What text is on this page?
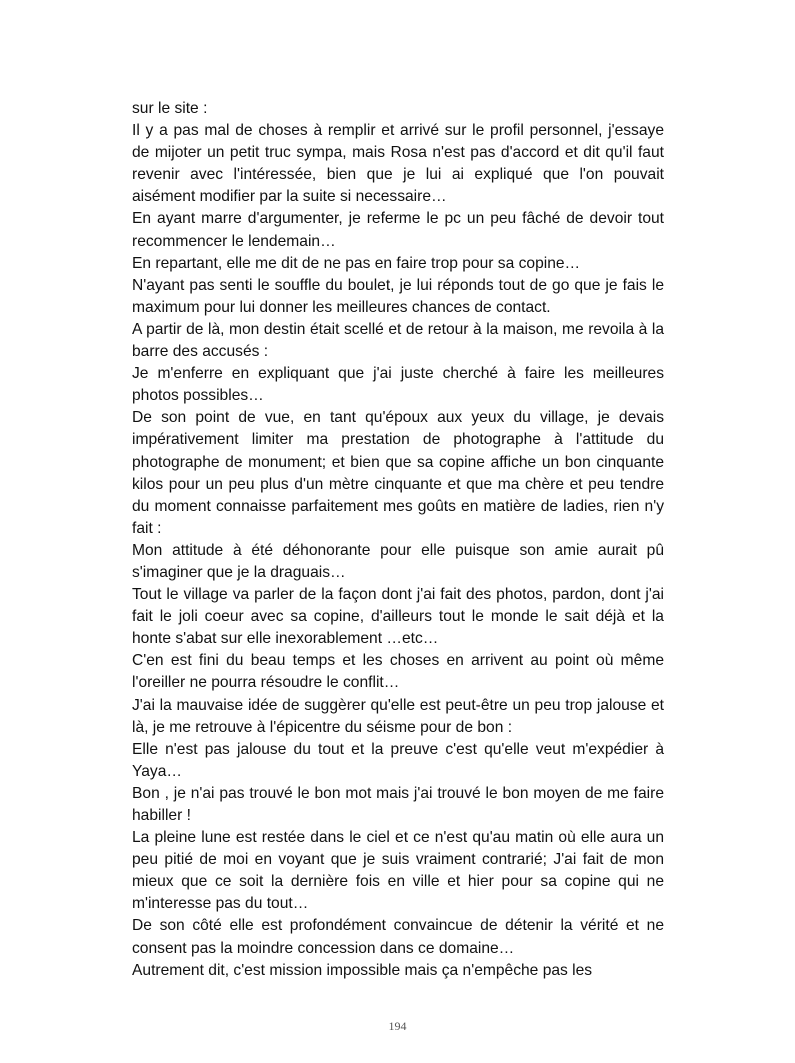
sur le site :

Il y a pas mal de choses à remplir et arrivé sur le profil personnel, j'essaye de mijoter un petit truc sympa, mais Rosa n'est pas d'accord et dit qu'il faut revenir avec l'intéressée, bien que je lui ai expliqué que l'on pouvait aisément modifier par la suite si necessaire…

En ayant marre d'argumenter, je referme le pc un peu fâché de devoir tout recommencer le lendemain…

En repartant, elle me dit de ne pas en faire trop pour sa copine…

N'ayant pas senti le souffle du boulet, je lui réponds tout de go que je fais le maximum pour lui donner les meilleures chances de contact.

A partir de là, mon destin était scellé et de retour à la maison, me revoila à la barre des accusés :

Je m'enferre en expliquant que j'ai juste cherché à faire les meilleures photos possibles…

De son point de vue, en tant qu'époux aux yeux du village, je devais impérativement limiter ma prestation de photographe à l'attitude du photographe de monument; et bien que sa copine affiche un bon cinquante kilos pour un peu plus d'un mètre cinquante et que ma chère et peu tendre du moment connaisse parfaitement mes goûts en matière de ladies, rien n'y fait :

Mon attitude à été déhonorante pour elle puisque son amie aurait pû s'imaginer que je la draguais…

Tout le village va parler de la façon dont j'ai fait des photos, pardon, dont j'ai fait le joli coeur avec sa copine, d'ailleurs tout le monde le sait déjà et la honte s'abat sur elle inexorablement …etc…

C'en est fini du beau temps et les choses en arrivent au point où même l'oreiller ne pourra résoudre le conflit…

J'ai la mauvaise idée de suggèrer qu'elle est peut-être un peu trop jalouse et là, je me retrouve à l'épicentre du séisme pour de bon :

Elle n'est pas jalouse du tout et la preuve c'est qu'elle veut m'expédier à Yaya…

Bon , je n'ai pas trouvé le bon mot mais j'ai trouvé le bon moyen de me faire habiller !

La pleine lune est restée dans le ciel et ce n'est qu'au matin où elle aura un peu pitié de moi en voyant que je suis vraiment contrarié; J'ai fait de mon mieux que ce soit la dernière fois en ville et hier pour sa copine qui ne m'interesse pas du tout…

De son côté elle est profondément convaincue de détenir la vérité et ne consent pas la moindre concession dans ce domaine…

Autrement dit, c'est mission impossible mais ça n'empêche pas les

194
